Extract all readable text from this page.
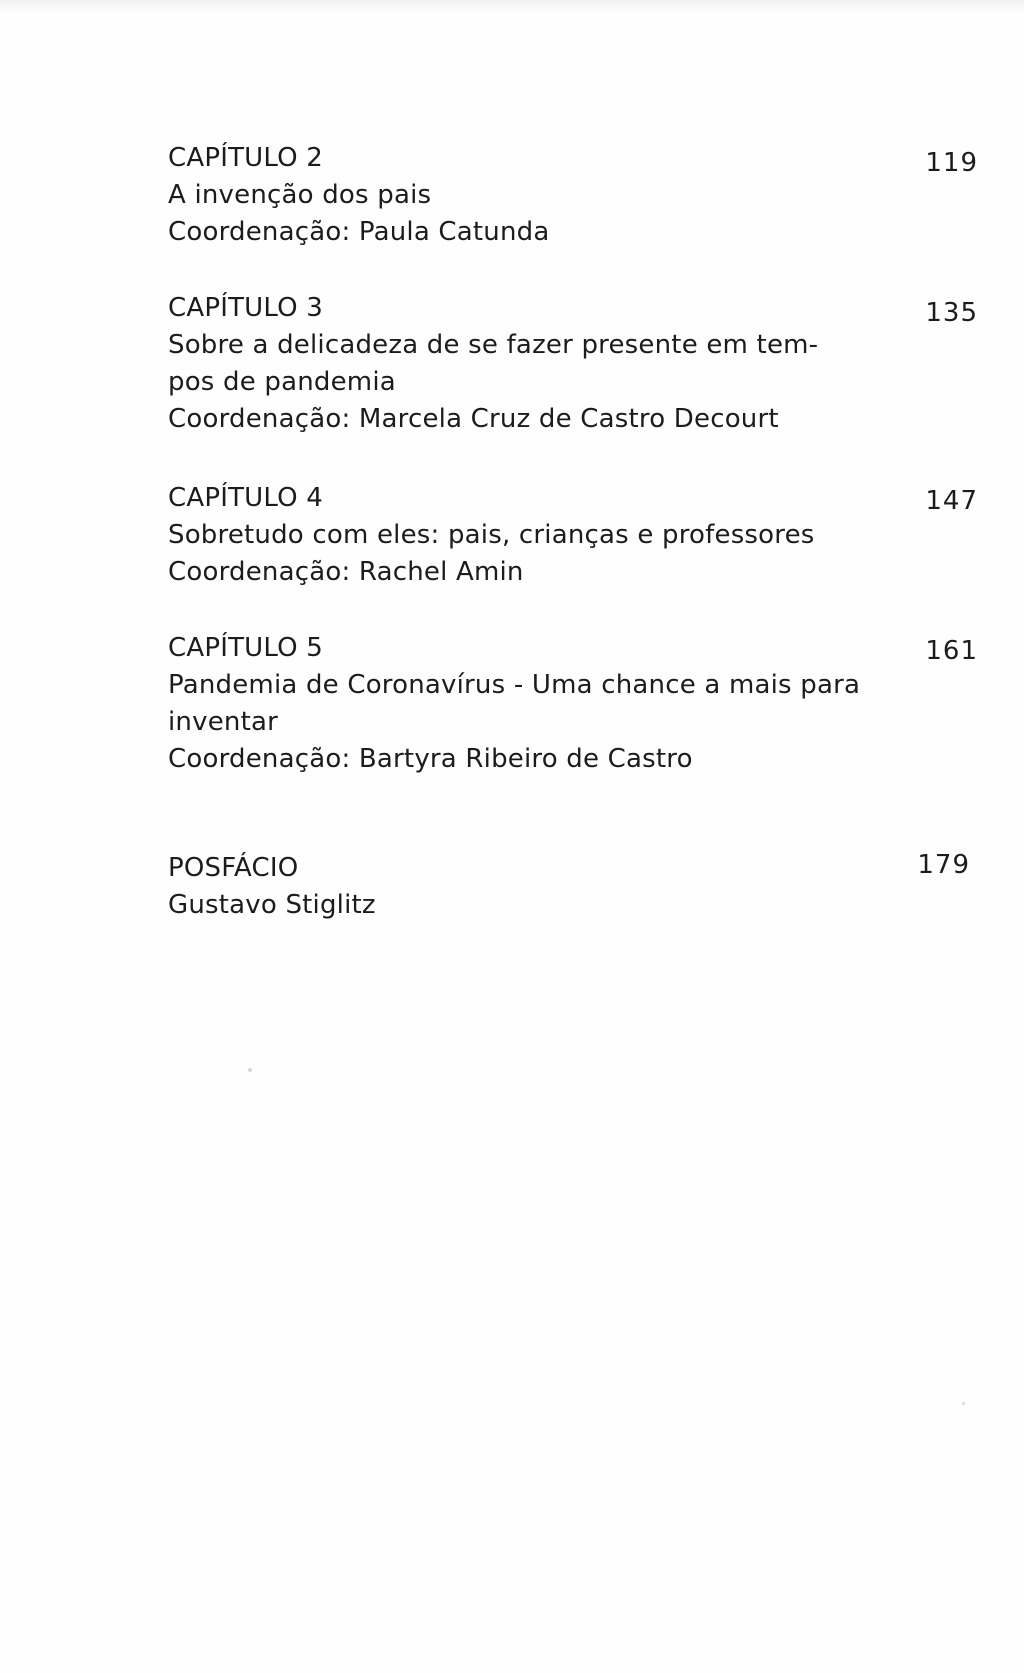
CAPÍTULO 2
A invenção dos pais
Coordenação: Paula Catunda
119
CAPÍTULO 3
Sobre a delicadeza de se fazer presente em tem-
pos de pandemia
Coordenação: Marcela Cruz de Castro Decourt
135
CAPÍTULO 4
Sobretudo com eles: pais, crianças e professores
Coordenação: Rachel Amin
147
CAPÍTULO 5
Pandemia de Coronavírus - Uma chance a mais para
inventar
Coordenação: Bartyra Ribeiro de Castro
161
POSFÁCIO
Gustavo Stiglitz
179
